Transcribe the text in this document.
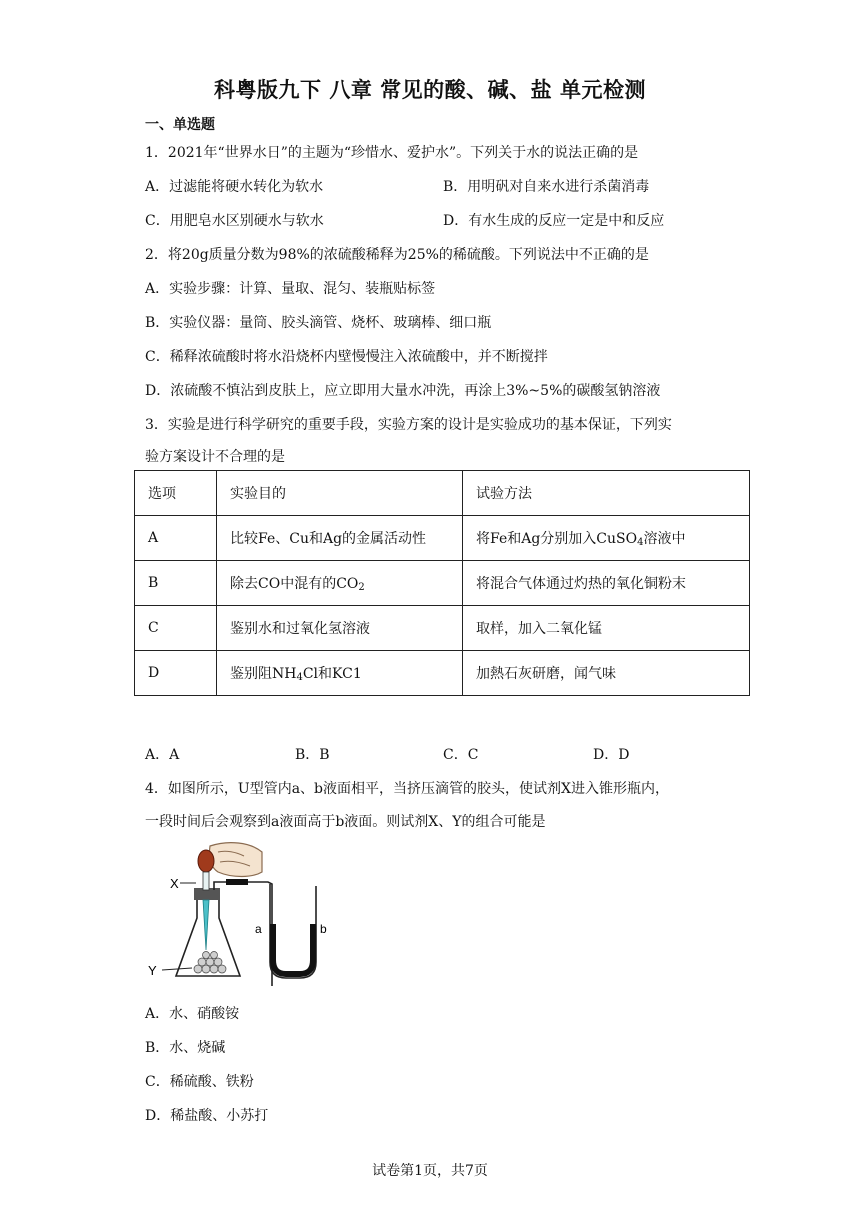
科粤版九下 八章 常见的酸、碱、盐 单元检测
一、单选题
1．2021年“世界水日”的主题为“珍惜水、爱护水”。下列关于水的说法正确的是
A．过滤能将硬水转化为软水	B．用明矾对自来水进行杀菌消毒
C．用肥皂水区别硬水与软水	D．有水生成的反应一定是中和反应
2．将20g质量分数为98%的浓硫酸稀释为25%的稀硫酸。下列说法中不正确的是
A．实验步骤：计算、量取、混匀、装瓶贴标签
B．实验仪器：量筒、胶头滴管、烧杯、玻璃棒、细口瓶
C．稀释浓硫酸时将水沿烧杯内壁慢慢注入浓硫酸中，并不断搅拌
D．浓硫酸不慎沾到皮肤上，应立即用大量水冲洗，再涂上3%~5%的碳酸氢钠溶液
3．实验是进行科学研究的重要手段，实验方案的设计是实验成功的基本保证，下列实
验方案设计不合理的是
选项	实验目的	试验方法
A	比较Fe、Cu和Ag的金属活动性	将Fe和Ag分别加入CuSO$_4$溶液中
B	除去CO中混有的$CO_2$	将混合气体通过灼热的氧化铜粉末
C	鉴别水和过氧化氢溶液	取样，加入二氧化锰
D	鉴别阻$NH_4Cl$和KC1	加熱石灰研磨，闻气味
A．A	B．B	C．C	D．D
4．如图所示，U型管内a、b液面相平，当挤压滴管的胶头，使试剂X进入锥形瓶内，
一段时间后会观察到a液面高于b液面。则试剂X、Y的组合可能是
X
Y
a	b
A．水、硝酸铵
B．水、烧碱
C．稀硫酸、铁粉
D．稀盐酸、小苏打
试卷第1页，共7页
